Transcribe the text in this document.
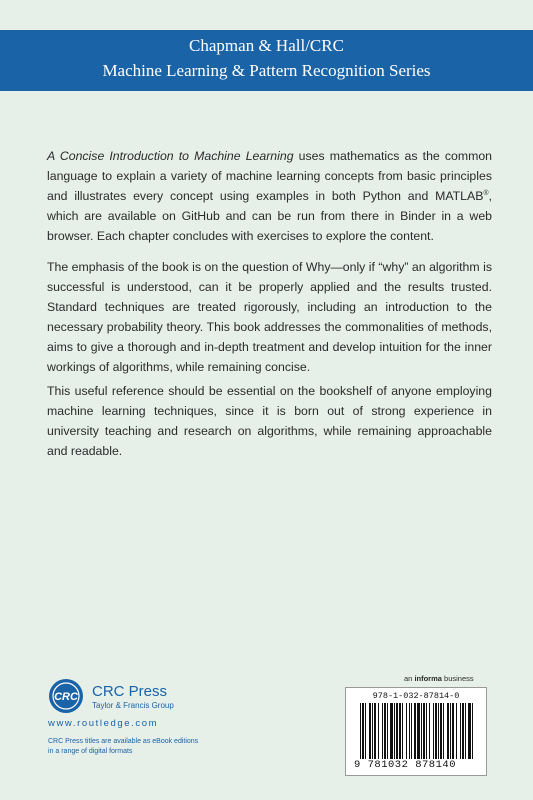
Chapman & Hall/CRC
Machine Learning & Pattern Recognition Series
A Concise Introduction to Machine Learning uses mathematics as the common language to explain a variety of machine learning concepts from basic principles and illustrates every concept using examples in both Python and MATLAB®, which are available on GitHub and can be run from there in Binder in a web browser. Each chapter concludes with exercises to explore the content.
The emphasis of the book is on the question of Why—only if “why” an algorithm is successful is understood, can it be properly applied and the results trusted. Standard techniques are treated rigorously, including an introduction to the necessary probability theory. This book addresses the commonalities of methods, aims to give a thorough and in-depth treatment and develop intuition for the inner workings of algorithms, while remaining concise.
This useful reference should be essential on the bookshelf of anyone employing machine learning techniques, since it is born out of strong experience in university teaching and research on algorithms, while remaining approachable and readable.
CRC CRC Press
Taylor & Francis Group
www.routledge.com
CRC Press titles are available as eBook editions
in a range of digital formats
an informa business
978-1-032-87814-0
9 781032 878140
